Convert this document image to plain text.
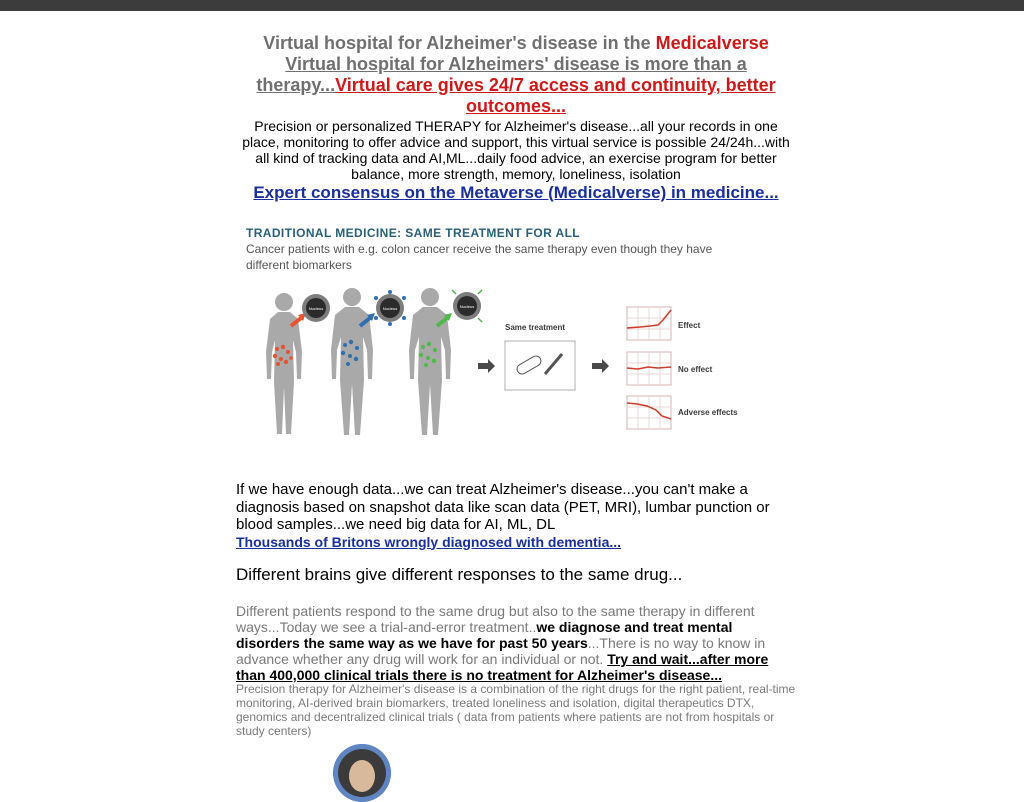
Virtual hospital for Alzheimer's disease in the Medicalverse
Virtual hospital for Alzheimers' disease is more than a therapy...Virtual care gives 24/7 access and continuity, better outcomes...
Precision or personalized THERAPY for Alzheimer's disease...all your records in one place, monitoring to offer advice and support, this virtual service is possible 24/24h...with all kind of tracking data and AI,ML...daily food advice, an exercise program for better balance, more strength, memory, loneliness, isolation
Expert consensus on the Metaverse (Medicalverse) in medicine...
TRADITIONAL MEDICINE: SAME TREATMENT FOR ALL
Cancer patients with e.g. colon cancer receive the same therapy even though they have different biomarkers
Nucleus	Nucleus	Nucleus
Same treatment	Effect
No effect
Adverse effects
If we have enough data...we can treat Alzheimer's disease...you can't make a diagnosis based on snapshot data like scan data (PET, MRI), lumbar punction or blood samples...we need big data for AI, ML, DL
Thousands of Britons wrongly diagnosed with dementia...
Different brains give different responses to the same drug...
Different patients respond to the same drug but also to the same therapy in different ways...Today we see a trial-and-error treatment..we diagnose and treat mental disorders the same way as we have for past 50 years...There is no way to know in advance whether any drug will work for an individual or not. Try and wait...after more than 400,000 clinical trials there is no treatment for Alzheimer's disease...
Precision therapy for Alzheimer's disease is a combination of the right drugs for the right patient, real-time monitoring, AI-derived brain biomarkers, treated loneliness and isolation, digital therapeutics DTX, genomics and decentralized clinical trials ( data from patients where patients are not from hospitals or study centers)
